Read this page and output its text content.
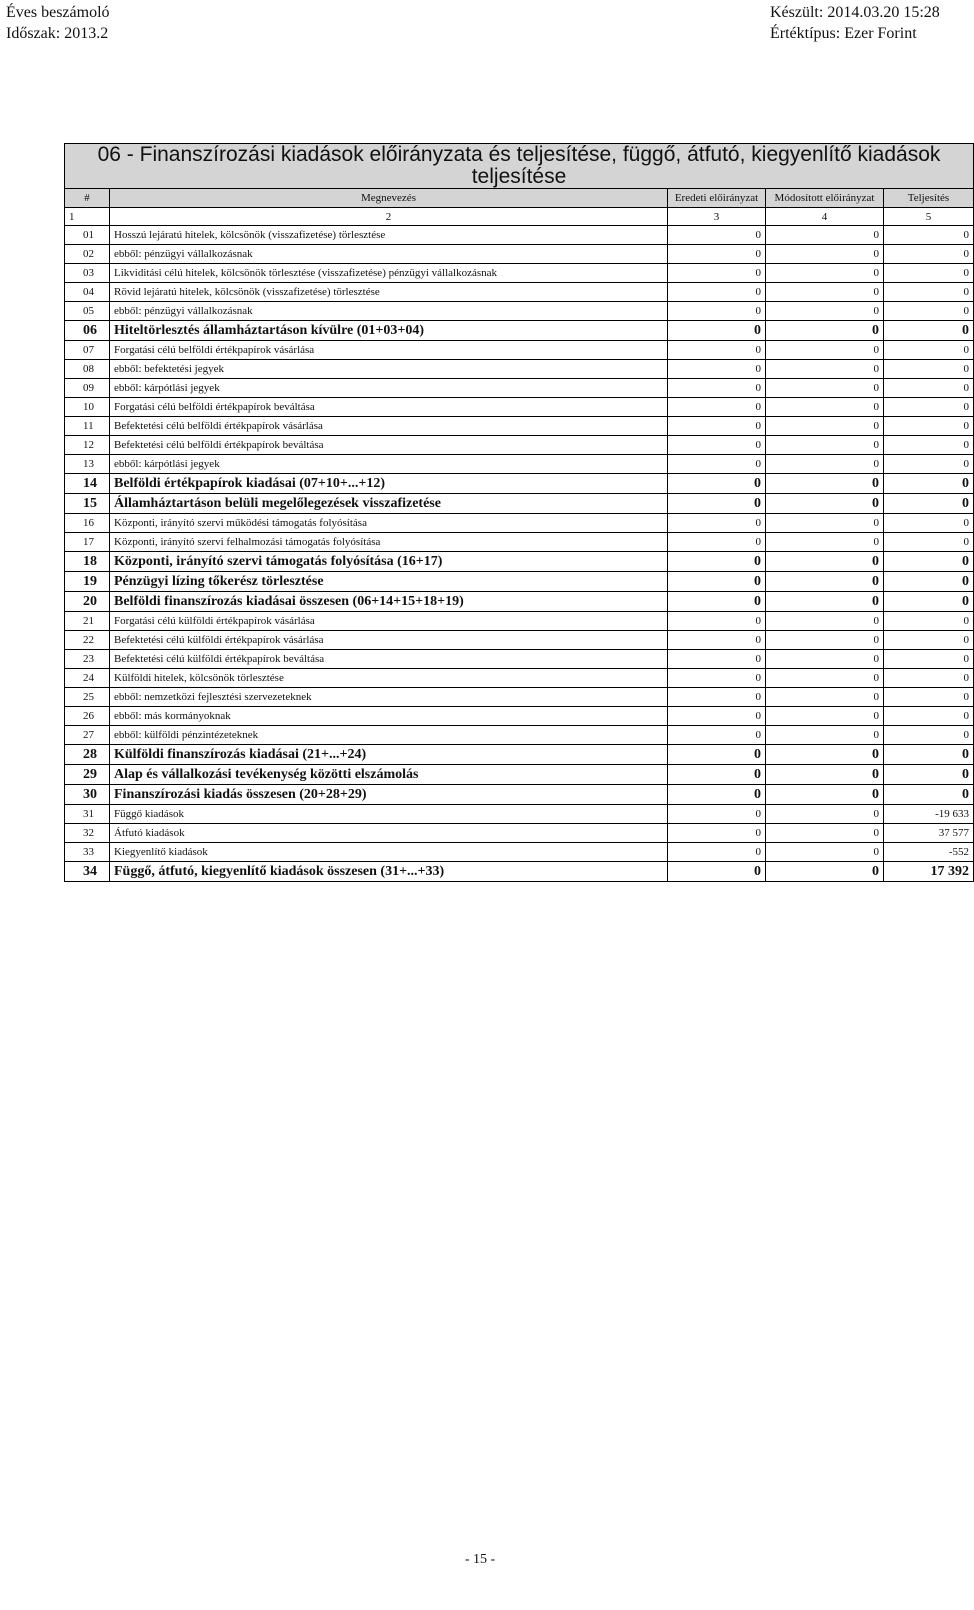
Éves beszámoló
Időszak: 2013.2
Készült: 2014.03.20 15:28
Értéktípus: Ezer Forint
06 - Finanszírozási kiadások előirányzata és teljesítése, függő, átfutó, kiegyenlítő kiadások teljesítése				
#	Megnevezés	Eredeti előirányzat	Módosított előirányzat	Teljesítés
1	2	3	4	5
01	Hosszú lejáratú hitelek, kölcsönök (visszafizetése) törlesztése	0	0	0
02	ebből: pénzügyi vállalkozásnak	0	0	0
03	Likviditási célú hitelek, kölcsönök törlesztése (visszafizetése) pénzügyi vállalkozásnak	0	0	0
04	Rövid lejáratú hitelek, kölcsönök (visszafizetése) törlesztése	0	0	0
05	ebből: pénzügyi vállalkozásnak	0	0	0
06	Hiteltörlesztés államháztartáson kívülre (01+03+04)	0	0	0
07	Forgatási célú belföldi értékpapírok vásárlása	0	0	0
08	ebből: befektetési jegyek	0	0	0
09	ebből: kárpótlási jegyek	0	0	0
10	Forgatási célú belföldi értékpapírok beváltása	0	0	0
11	Befektetési célú belföldi értékpapírok vásárlása	0	0	0
12	Befektetési célú belföldi értékpapírok beváltása	0	0	0
13	ebből: kárpótlási jegyek	0	0	0
14	Belföldi értékpapírok kiadásai (07+10+...+12)	0	0	0
15	Államháztartáson belüli megelőlegezések visszafizetése	0	0	0
16	Központi, irányító szervi működési támogatás folyósítása	0	0	0
17	Központi, irányító szervi felhalmozási támogatás folyósítása	0	0	0
18	Központi, irányító szervi támogatás folyósítása (16+17)	0	0	0
19	Pénzügyi lízing tőkerész törlesztése	0	0	0
20	Belföldi finanszírozás kiadásai összesen (06+14+15+18+19)	0	0	0
21	Forgatási célú külföldi értékpapírok vásárlása	0	0	0
22	Befektetési célú külföldi értékpapírok vásárlása	0	0	0
23	Befektetési célú külföldi értékpapírok beváltása	0	0	0
24	Külföldi hitelek, kölcsönök törlesztése	0	0	0
25	ebből: nemzetközi fejlesztési szervezeteknek	0	0	0
26	ebből: más kormányoknak	0	0	0
27	ebből: külföldi pénzintézeteknek	0	0	0
28	Külföldi finanszírozás kiadásai (21+...+24)	0	0	0
29	Alap és vállalkozási tevékenység közötti elszámolás	0	0	0
30	Finanszírozási kiadás összesen (20+28+29)	0	0	0
31	Függő kiadások	0	0	-19 633
32	Átfutó kiadások	0	0	37 577
33	Kiegyenlítő kiadások	0	0	-552
34	Függő, átfutó, kiegyenlítő kiadások összesen (31+...+33)	0	0	17 392
- 15 -
